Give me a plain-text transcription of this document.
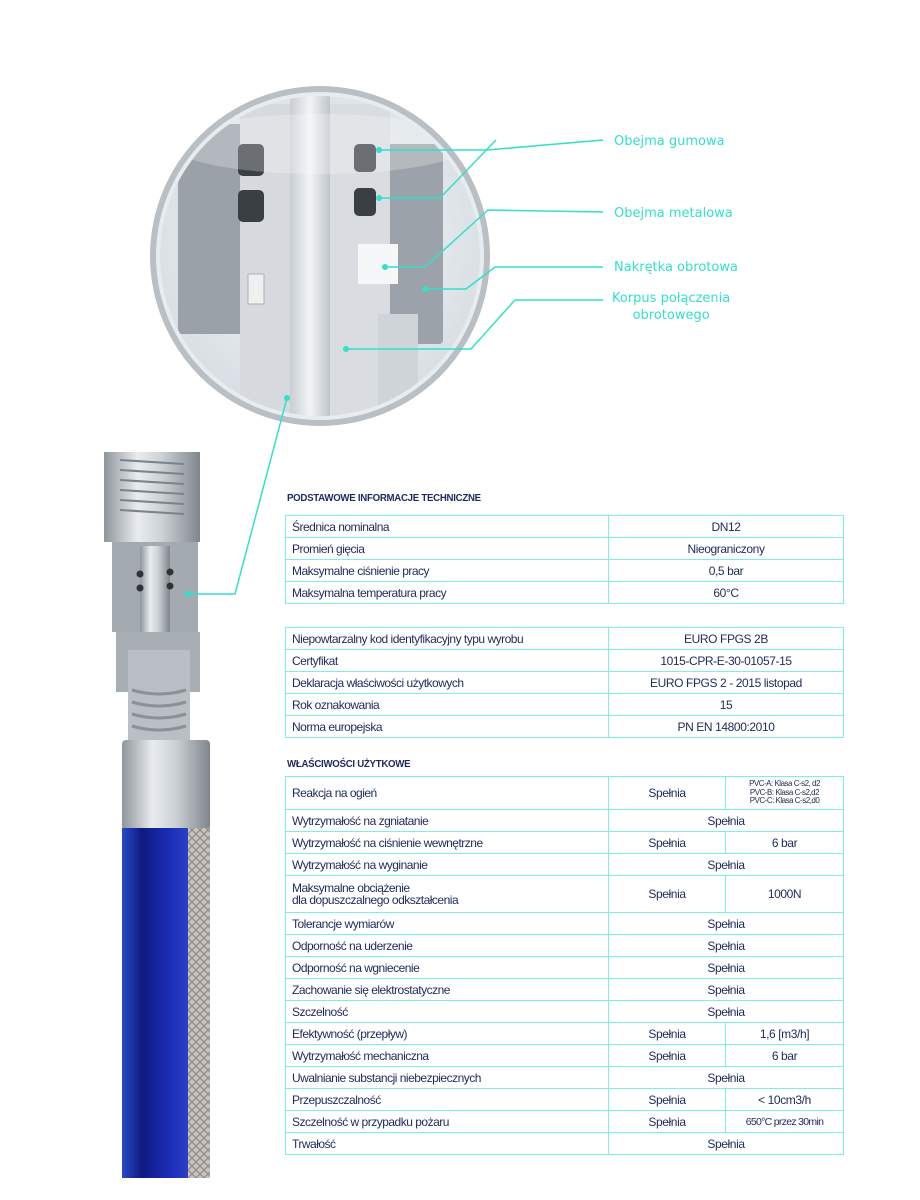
Obejma gumowa
Obejma metalowa
Nakrętka obrotowa
Korpus połączenia
obrotowego
PODSTAWOWE INFORMACJE TECHNICZNE
Średnica nominalna	DN12
Promień gięcia	Nieograniczony
Maksymalne ciśnienie pracy	0,5 bar
Maksymalna temperatura pracy	60°C
Niepowtarzalny kod identyfikacyjny typu wyrobu	EURO FPGS 2B
Certyfikat	1015-CPR-E-30-01057-15
Deklaracja właściwości użytkowych	EURO FPGS 2 - 2015 listopad
Rok oznakowania	15
Norma europejska	PN EN 14800:2010
WŁAŚCIWOŚCI UŻYTKOWE
Reakcja na ogień	Spełnia	PVC-A: Klasa C-s2, d2
PVC-B: Klasa C-s2,d2
PVC-C: Klasa C-s2,d0

Wytrzymałość na zgniatanie	Spełnia	
Wytrzymałość na ciśnienie wewnętrzne	Spełnia	6 bar
Wytrzymałość na wyginanie	Spełnia	

Maksymalne obciążenie
dla dopuszczalnego odkształcenia	Spełnia	1000N
Tolerancje wymiarów	Spełnia	
Odporność na uderzenie	Spełnia	
Odporność na wgniecenie	Spełnia	
Zachowanie się elektrostatyczne	Spełnia	
Szczelność	Spełnia	
Efektywność (przepływ)	Spełnia	1,6 [m3/h]
Wytrzymałość mechaniczna	Spełnia	6 bar
Uwalnianie substancji niebezpiecznych	Spełnia	
Przepuszczalność	Spełnia	< 10cm3/h
Szczelność w przypadku pożaru	Spełnia	650°C przez 30min
Trwałość	Spełnia	
